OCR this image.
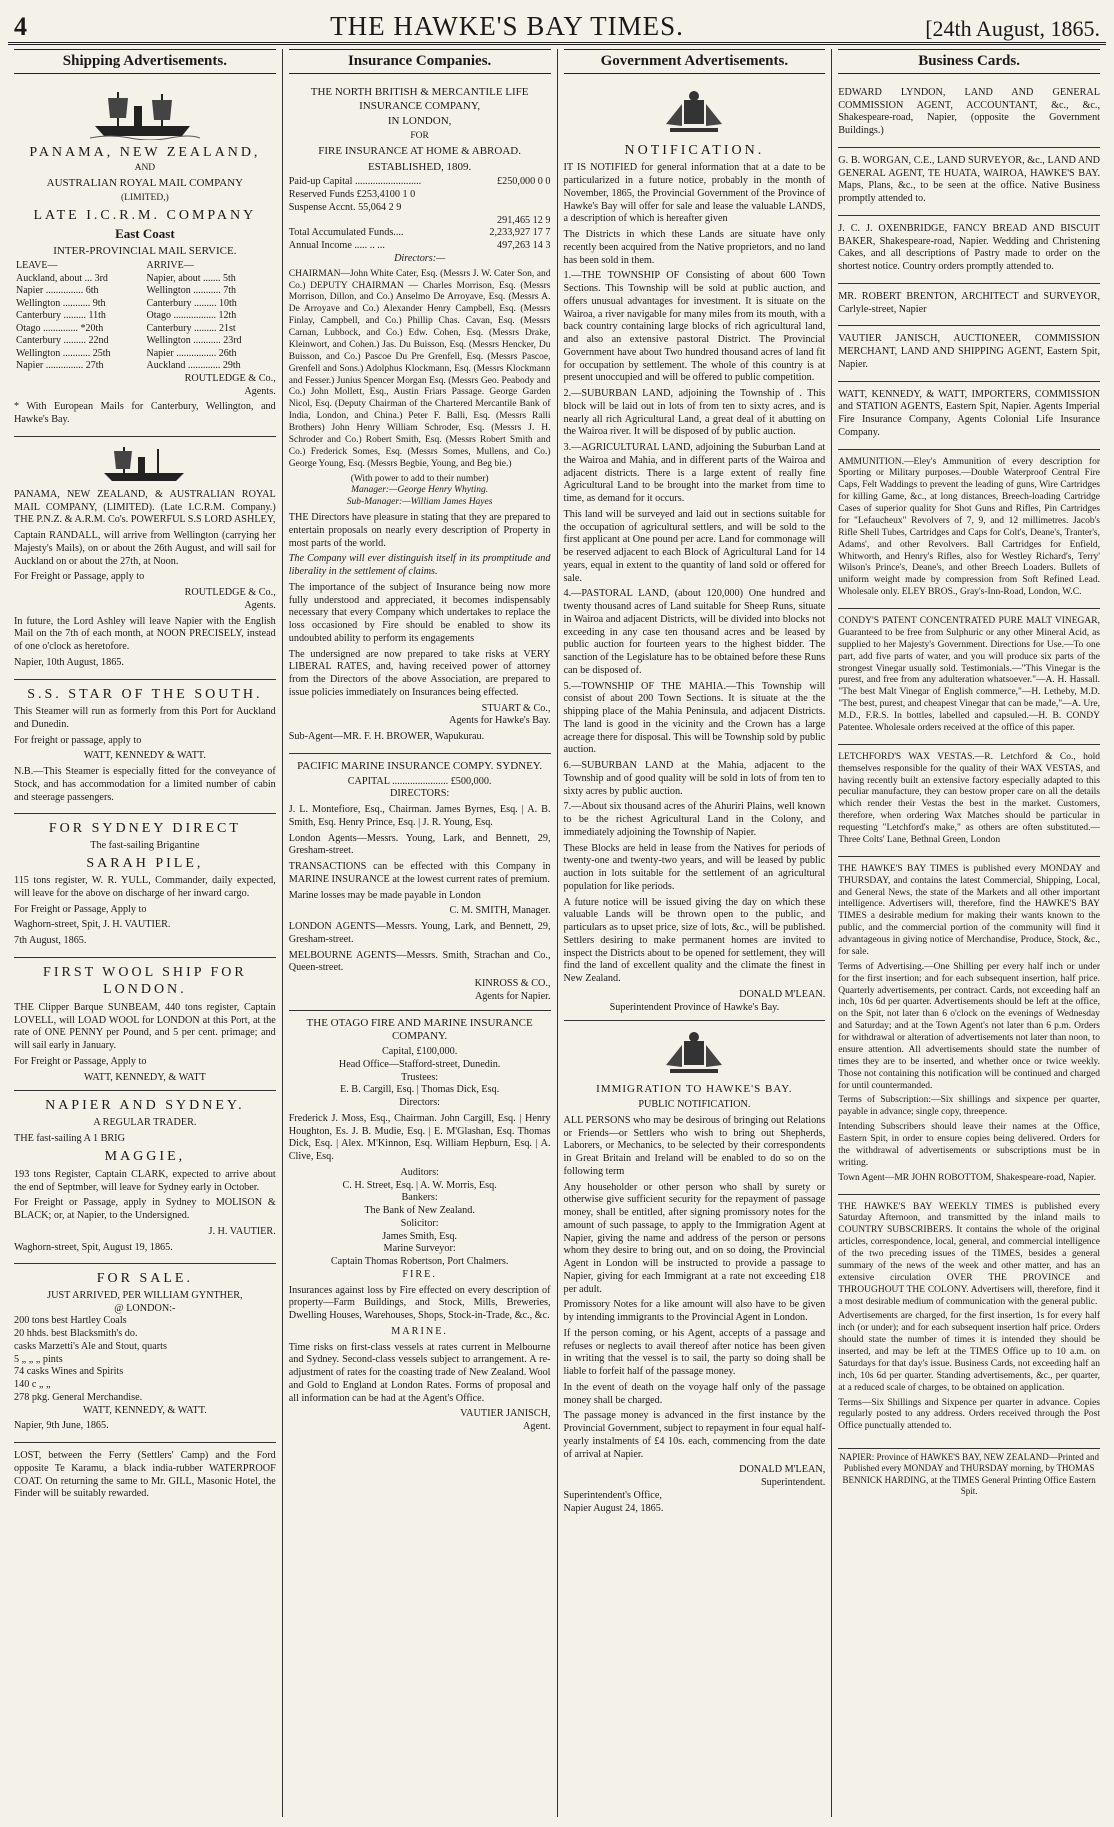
4	THE HAWKE'S BAY TIMES.	[24th August, 1865.
Shipping Advertisements.
PANAMA, NEW ZEALAND,
AND
AUSTRALIAN ROYAL MAIL COMPANY
(LIMITED,)
LATE I.C.R.M. COMPANY
East Coast
INTER-PROVINCIAL MAIL SERVICE.
LEAVE—	ARRIVE—
Auckland, about ... 3rd	Napier, about ....... 5th
Napier ............... 6th	Wellington ........... 7th
Wellington ........... 9th	Canterbury ......... 10th
Canterbury ......... 11th	Otago ................. 12th
Otago .............. *20th	Canterbury ......... 21st
Canterbury ......... 22nd	Wellington ........... 23rd
Wellington ........... 25th	Napier ................ 26th
Napier ............... 27th	Auckland ............. 29th
ROUTLEDGE & Co.,
Agents.

* With European Mails for Canterbury, Wellington, and Hawke's Bay.

PANAMA, NEW ZEALAND, & AUSTRALIAN ROYAL MAIL COMPANY, (LIMITED). (Late I.C.R.M. Company.) THE P.N.Z. & A.R.M. Co's. POWERFUL S.S LORD ASHLEY,

Captain RANDALL, will arrive from Wellington (carrying her Majesty's Mails), on or about the 26th August, and will sail for Auckland on or about the 27th, at Noon.

For Freight or Passage, apply to

ROUTLEDGE & Co.,
Agents.

In future, the Lord Ashley will leave Napier with the English Mail on the 7th of each month, at NOON PRECISELY, instead of one o'clock as heretofore.

Napier, 10th August, 1865.

S.S. STAR OF THE SOUTH.

This Steamer will run as formerly from this Port for Auckland and Dunedin.

For freight or passage, apply to

WATT, KENNEDY & WATT.

N.B.—This Steamer is especially fitted for the conveyance of Stock, and has accommodation for a limited number of cabin and steerage passengers.

FOR SYDNEY DIRECT
The fast-sailing Brigantine
SARAH PILE,

115 tons register, W. R. YULL, Commander, daily expected, will leave for the above on discharge of her inward cargo.

For Freight or Passage, Apply to

Waghorn-street, Spit, J. H. VAUTIER.

7th August, 1865.

FIRST WOOL SHIP FOR LONDON.

THE Clipper Barque SUNBEAM, 440 tons register, Captain LOVELL, will LOAD WOOL for LONDON at this Port, at the rate of ONE PENNY per Pound, and 5 per cent. primage; and will sail early in January.

For Freight or Passage, Apply to

WATT, KENNEDY, & WATT
NAPIER AND SYDNEY.
A REGULAR TRADER.

THE fast-sailing A 1 BRIG

MAGGIE,

193 tons Register, Captain CLARK, expected to arrive about the end of Septmber, will leave for Sydney early in October.

For Freight or Passage, apply in Sydney to MOLISON & BLACK; or, at Napier, to the Undersigned.

J. H. VAUTIER.

Waghorn-street, Spit, August 19, 1865.

FOR SALE.
JUST ARRIVED, PER WILLIAM GYNTHER,
@ LONDON:-
200 tons best Hartley Coals
20 hhds. best Blacksmith's do.
casks Marzetti's Ale and Stout, quarts
5 „ „ „ pints
74 casks Wines and Spirits
140 c „ „
278 pkg. General Merchandise.
WATT, KENNEDY, & WATT.

Napier, 9th June, 1865.

LOST, between the Ferry (Settlers' Camp) and the Ford opposite Te Karamu, a black india-rubber WATERPROOF COAT. On returning the same to Mr. GILL, Masonic Hotel, the Finder will be suitably rewarded.

Insurance Companies.
THE NORTH BRITISH & MERCANTILE LIFE INSURANCE COMPANY,
IN LONDON,
FOR
FIRE INSURANCE AT HOME & ABROAD.
ESTABLISHED, 1809.
Paid-up Capital ..........................	£250,000 0 0
Reserved Funds £253,4100 1 0
Suspense Accnt. 55,064 2 9
291,465 12 9
Total Accumulated Funds....	2,233,927 17 7
Annual Income ..... .. ...	497,263 14 3
Directors:—

CHAIRMAN—John White Cater, Esq. (Messrs J. W. Cater Son, and Co.) DEPUTY CHAIRMAN — Charles Morrison, Esq. (Messrs Morrison, Dillon, and Co.) Anselmo De Arroyave, Esq. (Messrs A. De Arroyave and Co.) Alexander Henry Campbell, Esq. (Messrs Finlay, Campbell, and Co.) Phillip Chas. Cavan, Esq. (Messrs Carnan, Lubbock, and Co.) Edw. Cohen, Esq. (Messrs Drake, Kleinwort, and Cohen.) Jas. Du Buisson, Esq. (Messrs Hencker, Du Buisson, and Co.) Pascoe Du Pre Grenfell, Esq. (Messrs Pascoe, Grenfell and Sons.) Adolphus Klockmann, Esq. (Messrs Klockmann and Fesser.) Junius Spencer Morgan Esq. (Messrs Geo. Peabody and Co.) John Mollett, Esq., Austin Friars Passage. George Garden Nicol, Esq. (Deputy Chairman of the Chartered Mercantile Bank of India, London, and China.) Peter F. Balli, Esq. (Messrs Ralli Brothers) John Henry William Schroder, Esq. (Messrs J. H. Schroder and Co.) Robert Smith, Esq. (Messrs Robert Smith and Co.) Frederick Somes, Esq. (Messrs Somes, Mullens, and Co.) George Young, Esq. (Messrs Begbie, Young, and Beg bie.)

(With power to add to their number)
Manager:—George Henry Whyting.
Sub-Manager:—William James Hayes

THE Directors have pleasure in stating that they are prepared to entertain proposals on nearly every description of Property in most parts of the world.

The Company will ever distinguish itself in its promptitude and liberality in the settlement of claims.

The importance of the subject of Insurance being now more fully understood and appreciated, it becomes indispensably necessary that every Company which undertakes to replace the loss occasioned by Fire should be enabled to show its undoubted ability to perform its engagements

The undersigned are now prepared to take risks at VERY LIBERAL RATES, and, having received power of attorney from the Directors of the above Association, are prepared to issue policies immediately on Insurances being effected.

STUART & Co.,
Agents for Hawke's Bay.

Sub-Agent—MR. F. H. BROWER, Wapukurau.

PACIFIC MARINE INSURANCE COMPY. SYDNEY.
CAPITAL ...................... £500,000.
DIRECTORS:

J. L. Montefiore, Esq., Chairman. James Byrnes, Esq. | A. B. Smith, Esq. Henry Prince, Esq. | J. R. Young, Esq.

London Agents—Messrs. Young, Lark, and Bennett, 29, Gresham-street.

TRANSACTIONS can be effected with this Company in MARINE INSURANCE at the lowest current rates of premium.

Marine losses may be made payable in London

C. M. SMITH, Manager.

LONDON AGENTS—Messrs. Young, Lark, and Bennett, 29, Gresham-street.

MELBOURNE AGENTS—Messrs. Smith, Strachan and Co., Queen-street.

KINROSS & CO.,
Agents for Napier.
THE OTAGO FIRE AND MARINE INSURANCE COMPANY.
Capital, £100,000.
Head Office—Stafford-street, Dunedin.
Trustees:
E. B. Cargill, Esq. | Thomas Dick, Esq.
Directors:

Frederick J. Moss, Esq., Chairman. John Cargill, Esq. | Henry Houghton, Es. J. B. Mudie, Esq. | E. M'Glashan, Esq. Thomas Dick, Esq. | Alex. M'Kinnon, Esq. William Hepburn, Esq. | A. Clive, Esq.

Auditors:
C. H. Street, Esq. | A. W. Morris, Esq.
Bankers:
The Bank of New Zealand.
Solicitor:
James Smith, Esq.
Marine Surveyor:
Captain Thomas Robertson, Port Chalmers.
FIRE.

Insurances against loss by Fire effected on every description of property—Farm Buildings, and Stock, Mills, Breweries, Dwelling Houses, Warehouses, Shops, Stock-in-Trade, &c., &c.

MARINE.

Time risks on first-class vessels at rates current in Melbourne and Sydney. Second-class vessels subject to arrangement. A re-adjustment of rates for the coasting trade of New Zealand. Wool and Gold to England at London Rates. Forms of proposal and all information can be had at the Agent's Office.

VAUTIER JANISCH,
Agent.
Government Advertisements.
NOTIFICATION.

IT IS NOTIFIED for general information that at a date to be particularized in a future notice, probably in the month of November, 1865, the Provincial Government of the Province of Hawke's Bay will offer for sale and lease the valuable LANDS, a description of which is hereafter given

The Districts in which these Lands are situate have only recently been acquired from the Native proprietors, and no land has been sold in them.

1.—THE TOWNSHIP OF Consisting of about 600 Town Sections. This Township will be sold at public auction, and offers unusual advantages for investment. It is situate on the Wairoa, a river navigable for many miles from its mouth, with a back country containing large blocks of rich agricultural land, and also an extensive pastoral District. The Provincial Government have about Two hundred thousand acres of land fit for occupation by settlement. The whole of this country is at present unoccupied and will be offered to public competition.

2.—SUBURBAN LAND, adjoining the Township of . This block will be laid out in lots of from ten to sixty acres, and is nearly all rich Agricultural Land, a great deal of it abutting on the Wairoa river. It will be disposed of by public auction.

3.—AGRICULTURAL LAND, adjoining the Suburban Land at the Wairoa and Mahia, and in different parts of the Wairoa and adjacent districts. There is a large extent of really fine Agricultural Land to be brought into the market from time to time, as demand for it occurs.

This land will be surveyed and laid out in sections suitable for the occupation of agricultural settlers, and will be sold to the first applicant at One pound per acre. Land for commonage will be reserved adjacent to each Block of Agricultural Land for 14 years, equal in extent to the quantity of land sold or offered for sale.

4.—PASTORAL LAND, (about 120,000) One hundred and twenty thousand acres of Land suitable for Sheep Runs, situate in Wairoa and adjacent Districts, will be divided into blocks not exceeding in any case ten thousand acres and be leased by public auction for fourteen years to the highest bidder. The sanction of the Legislature has to be obtained before these Runs can be disposed of.

5.—TOWNSHIP OF THE MAHIA.—This Township will consist of about 200 Town Sections. It is situate at the the shipping place of the Mahia Peninsula, and adjacent Districts. The land is good in the vicinity and the Crown has a large acreage there for disposal. This will be Township sold by public auction.

6.—SUBURBAN LAND at the Mahia, adjacent to the Township and of good quality will be sold in lots of from ten to sixty acres by public auction.

7.—About six thousand acres of the Ahuriri Plains, well known to be the richest Agricultural Land in the Colony, and immediately adjoining the Township of Napier.

These Blocks are held in lease from the Natives for periods of twenty-one and twenty-two years, and will be leased by public auction in lots suitable for the settlement of an agricultural population for like periods.

A future notice will be issued giving the day on which these valuable Lands will be thrown open to the public, and particulars as to upset price, size of lots, &c., will be published. Settlers desiring to make permanent homes are invited to inspect the Districts about to be opened for settlement, they will find the land of excellent quality and the climate the finest in New Zealand.

DONALD M'LEAN.
Superintendent Province of Hawke's Bay.
IMMIGRATION TO HAWKE'S BAY.
PUBLIC NOTIFICATION.

ALL PERSONS who may be desirous of bringing out Relations or Friends—or Settlers who wish to bring out Shepherds, Laborers, or Mechanics, to be selected by their correspondents in Great Britain and Ireland will be enabled to do so on the following term

Any householder or other person who shall by surety or otherwise give sufficient security for the repayment of passage money, shall be entitled, after signing promissory notes for the amount of such passage, to apply to the Immigration Agent at Napier, giving the name and address of the person or persons whom they desire to bring out, and on so doing, the Provincial Agent in London will be instructed to provide a passage to Napier, giving for each Immigrant at a rate not exceeding £18 per adult.

Promissory Notes for a like amount will also have to be given by intending immigrants to the Provincial Agent in London.

If the person coming, or his Agent, accepts of a passage and refuses or neglects to avail thereof after notice has been given in writing that the vessel is to sail, the party so doing shall be liable to forfeit half of the passage money.

In the event of death on the voyage half only of the passage money shall be charged.

The passage money is advanced in the first instance by the Provincial Government, subject to repayment in four equal half-yearly instalments of £4 10s. each, commencing from the date of arrival at Napier.

DONALD M'LEAN,
Superintendent.
Superintendent's Office,
Napier August 24, 1865.
Business Cards.

EDWARD LYNDON, LAND AND GENERAL COMMISSION AGENT, ACCOUNTANT, &c., &c., Shakespeare-road, Napier, (opposite the Government Buildings.)

G. B. WORGAN, C.E., LAND SURVEYOR, &c., LAND AND GENERAL AGENT, TE HUATA, WAIROA, HAWKE'S BAY. Maps, Plans, &c., to be seen at the office. Native Business promptly attended to.

J. C. J. OXENBRIDGE, FANCY BREAD AND BISCUIT BAKER, Shakespeare-road, Napier. Wedding and Christening Cakes, and all descriptions of Pastry made to order on the shortest notice. Country orders promptly attended to.

MR. ROBERT BRENTON, ARCHITECT and SURVEYOR, Carlyle-street, Napier

VAUTIER JANISCH, AUCTIONEER, COMMISSION MERCHANT, LAND AND SHIPPING AGENT, Eastern Spit, Napier.

WATT, KENNEDY, & WATT, IMPORTERS, COMMISSION and STATION AGENTS, Eastern Spit, Napier. Agents Imperial Fire Insurance Company, Agents Colonial Life Insurance Company.

AMMUNITION.—Eley's Ammunition of every description for Sporting or Military purposes.—Double Waterproof Central Fire Caps, Felt Waddings to prevent the leading of guns, Wire Cartridges for killing Game, &c., at long distances, Breech-loading Cartridge Cases of superior quality for Shot Guns and Rifles, Pin Cartridges for "Lefaucheux" Revolvers of 7, 9, and 12 millimetres. Jacob's Rifle Shell Tubes, Cartridges and Caps for Colt's, Deane's, Tranter's, Adams', and other Revolvers. Ball Cartridges for Enfield, Whitworth, and Henry's Rifles, also for Westley Richard's, Terry' Wilson's Prince's, Deane's, and other Breech Loaders. Bullets of uniform weight made by compression from Soft Refined Lead. Wholesale only. ELEY BROS., Gray's-Inn-Road, London, W.C.

CONDY'S PATENT CONCENTRATED PURE MALT VINEGAR, Guaranteed to be free from Sulphuric or any other Mineral Acid, as supplied to her Majesty's Government. Directions for Use.—To one part, add five parts of water, and you will produce six parts of the strongest Vinegar usually sold. Testimonials.—"This Vinegar is the purest, and free from any adulteration whatsoever."—A. H. Hassall. "The best Malt Vinegar of English commerce,"—H. Letheby, M.D. "The best, purest, and cheapest Vinegar that can be made,"—A. Ure, M.D., F.R.S. In bottles, labelled and capsuled.—H. B. CONDY Patentee. Wholesale orders received at the office of this paper.

LETCHFORD'S WAX VESTAS.—R. Letchford & Co., hold themselves responsible for the quality of their WAX VESTAS, and having recently built an extensive factory especially adapted to this peculiar manufacture, they can bestow proper care on all the details which render their Vestas the best in the market. Customers, therefore, when ordering Wax Matches should be particular in requesting "Letchford's make," as others are often substituted.—Three Colts' Lane, Bethnal Green, London

THE HAWKE'S BAY TIMES is published every MONDAY and THURSDAY, and contains the latest Commercial, Shipping, Local, and General News, the state of the Markets and all other important intelligence. Advertisers will, therefore, find the HAWKE'S BAY TIMES a desirable medium for making their wants known to the public, and the commercial portion of the community will find it advantageous in giving notice of Merchandise, Produce, Stock, &c., for sale.

Terms of Advertising.—One Shilling per every half inch or under for the first insertion; and for each subsequent insertion, half price. Quarterly advertisements, per contract. Cards, not exceeding half an inch, 10s 6d per quarter. Advertisements should be left at the office, on the Spit, not later than 6 o'clock on the evenings of Wednesday and Saturday; and at the Town Agent's not later than 6 p.m. Orders for withdrawal or alteration of advertisements not later than noon, to ensure attention. All advertisements should state the number of times they are to be inserted, and whether once or twice weekly. Those not containing this notification will be continued and charged for until countermanded.

Terms of Subscription:—Six shillings and sixpence per quarter, payable in advance; single copy, threepence.

Intending Subscribers should leave their names at the Office, Eastern Spit, in order to ensure copies being delivered. Orders for the withdrawal of advertisements or subscriptions must be in writing.

Town Agent—MR JOHN ROBOTTOM, Shakespeare-road, Napier.

THE HAWKE'S BAY WEEKLY TIMES is published every Saturday Afternoon, and transmitted by the inland mails to COUNTRY SUBSCRIBERS. It contains the whole of the original articles, correspondence, local, general, and commercial intelligence of the two preceding issues of the TIMES, besides a general summary of the news of the week and other matter, and has an extensive circulation OVER THE PROVINCE and THROUGHOUT THE COLONY. Advertisers will, therefore, find it a most desirable medium of communication with the general public.

Advertisements are charged, for the first insertion, 1s for every half inch (or under); and for each subsequent insertion half price. Orders should state the number of times it is intended they should be inserted, and may be left at the TIMES Office up to 10 a.m. on Saturdays for that day's issue. Business Cards, not exceeding half an inch, 10s 6d per quarter. Standing advertisements, &c., per quarter, at a reduced scale of charges, to be obtained on application.

Terms—Six Shillings and Sixpence per quarter in advance. Copies regularly posted to any address. Orders received through the Post Office punctually attended to.

NAPIER: Province of HAWKE'S BAY, NEW ZEALAND—Printed and Published every MONDAY and THURSDAY morning, by THOMAS BENNICK HARDING, at the TIMES General Printing Office Eastern Spit.
